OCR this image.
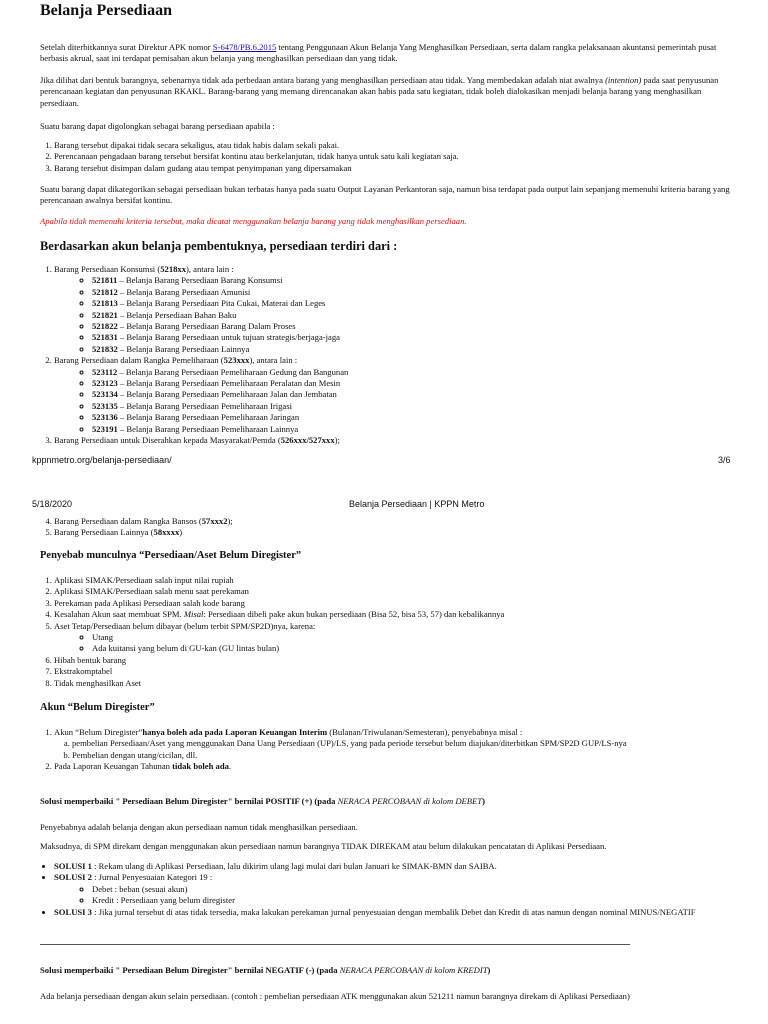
Belanja Persediaan

Setelah diterbitkannya surat Direktur APK nomor S-6478/PB.6.2015 tentang Penggunaan Akun Belanja Yang Menghasilkan Persediaan, serta dalam rangka pelaksanaan akuntansi pemerintah pusat berbasis akrual, saat ini terdapat pemisahan akun belanja yang menghasilkan persediaan dan yang tidak.

Jika dilihat dari bentuk barangnya, sebenarnya tidak ada perbedaan antara barang yang menghasilkan persediaan atau tidak. Yang membedakan adalah niat awalnya (intention) pada saat penyusunan perencanaan kegiatan dan penyusunan RKAKL. Barang-barang yang memang direncanakan akan habis pada satu kegiatan, tidak boleh dialokasikan menjadi belanja barang yang menghasilkan persediaan.

Suatu barang dapat digolongkan sebagai barang persediaan apabila :

1. Barang tersebut dipakai tidak secara sekaligus, atau tidak habis dalam sekali pakai.
2. Perencanaan pengadaan barang tersebut bersifat kontinu atau berkelanjutan, tidak hanya untuk satu kali kegiatan saja.
3. Barang tersebut disimpan dalam gudang atau tempat penyimpanan yang dipersamakan

Suatu barang dapat dikategorikan sebagai persediaan bukan terbatas hanya pada suatu Output Layanan Perkantoran saja, namun bisa terdapat pada output lain sepanjang memenuhi kriteria barang yang perencanaan awalnya bersifat kontinu.

Apabila tidak memenuhi kriteria tersebut, maka dicatat menggunakan belanja barang yang tidak menghasilkan persediaan.

Berdasarkan akun belanja pembentuknya, persediaan terdiri dari :
1. Barang Persediaan Konsumsi (5218xx), antara lain :
◦ 521811 – Belanja Barang Persediaan Barang Konsumsi
◦ 521812 – Belanja Barang Persediaan Amunisi
◦ 521813 – Belanja Barang Persediaan Pita Cukai, Materai dan Leges
◦ 521821 – Belanja Persediaan Bahan Baku
◦ 521822 – Belanja Barang Persediaan Barang Dalam Proses
◦ 521831 – Belanja Barang Persediaan untuk tujuan strategis/berjaga-jaga
◦ 521832 – Belanja Barang Persediaan Lainnya
2. Barang Persediaan dalam Rangka Pemeliharaan (523xxx), antara lain :
◦ 523112 – Belanja Barang Persediaan Pemeliharaan Gedung dan Bangunan
◦ 523123 – Belanja Barang Persediaan Pemeliharaan Peralatan dan Mesin
◦ 523134 – Belanja Barang Persediaan Pemeliharaan Jalan dan Jembatan
◦ 523135 – Belanja Barang Persediaan Pemeliharaan Irigasi
◦ 523136 – Belanja Barang Persediaan Pemeliharaan Jaringan
◦ 523191 – Belanja Barang Persediaan Pemeliharaan Lainnya
3. Barang Persediaan untuk Diserahkan kepada Masyarakat/Pemda (526xxx/527xxx);
kppnmetro.org/belanja-persediaan/	3/6
5/18/2020	Belanja Persediaan | KPPN Metro
4. Barang Persediaan dalam Rangka Bansos (57xxx2);
5. Barang Persediaan Lainnya (58xxxx)
Penyebab munculnya “Persediaan/Aset Belum Diregister”
1. Aplikasi SIMAK/Persediaan salah input nilai rupiah
2. Aplikasi SIMAK/Persediaan salah menu saat perekaman
3. Perekaman pada Aplikasi Persediaan salah kode barang
4. Kesalahan Akun saat membuat SPM. Misal: Persediaan dibeli pake akun bukan persediaan (Bisa 52, bisa 53, 57) dan kebalikannya
5. Aset Tetap/Persediaan belum dibayar (belum terbit SPM/SP2D)nya, karena:
◦ Utang
◦ Ada kuitansi yang belum di GU-kan (GU lintas bulan)
6. Hibah bentuk barang
7. Ekstrakomptabel
8. Tidak menghasilkan Aset
Akun “Belum Diregister”
1. Akun “Belum Diregister”hanya boleh ada pada Laporan Keuangan Interim (Bulanan/Triwulanan/Semesteran), penyebabnya misal :
a. pembelian Persediaan/Aset yang menggunakan Dana Uang Persediaan (UP)/LS, yang pada periode tersebut belum diajukan/diterbitkan SPM/SP2D GUP/LS-nya
b. Pembelian dengan utang/cicilan, dll.
2. Pada Laporan Keuangan Tahunan tidak boleh ada.

Solusi memperbaiki " Persediaan Belum Diregister" bernilai POSITIF (+) (pada NERACA PERCOBAAN di kolom DEBET)

Penyebabnya adalah belanja dengan akun persediaan namun tidak menghasilkan persediaan.

Maksudnya, di SPM direkam dengan menggunakan akun persediaan namun barangnya TIDAK DIREKAM atau belum dilakukan pencatatan di Aplikasi Persediaan.

• SOLUSI 1 : Rekam ulang di Aplikasi Persediaan, lalu dikirim ulang lagi mulai dari bulan Januari ke SIMAK-BMN dan SAIBA.
• SOLUSI 2 : Jurnal Penyesuaian Kategori 19 :
◦ Debet : beban (sesuai akun)
◦ Kredit : Persediaan yang belum diregister
• SOLUSI 3 : Jika jurnal tersebut di atas tidak tersedia, maka lakukan perekaman jurnal penyesuaian dengan membalik Debet dan Kredit di atas namun dengan nominal MINUS/NEGATIF

Solusi memperbaiki " Persediaan Belum Diregister" bernilai NEGATIF (-) (pada NERACA PERCOBAAN di kolom KREDIT)

Ada belanja persediaan dengan akun selain persediaan. (contoh : pembelian persediaan ATK menggunakan akun 521211 namun barangnya direkam di Aplikasi Persediaan)
